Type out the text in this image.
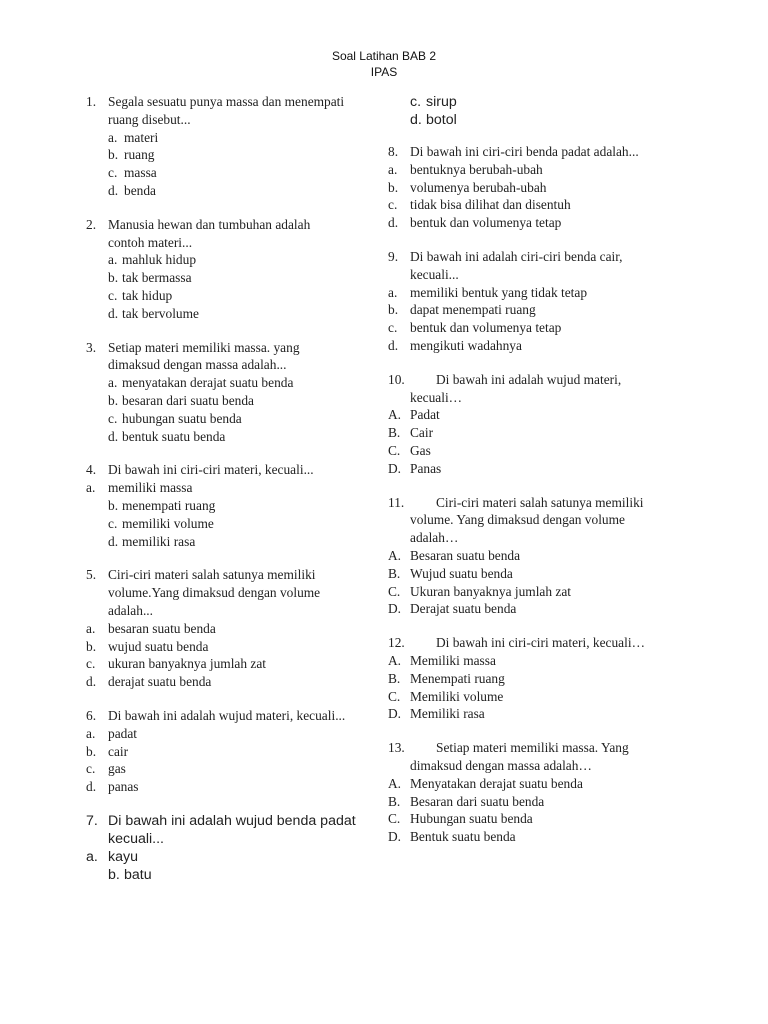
Soal Latihan BAB 2
IPAS
1. Segala sesuatu punya massa dan menempati
ruang disebut...
a. materi
b. ruang
c. massa
d. benda
2. Manusia hewan dan tumbuhan adalah
contoh materi...
a. mahluk hidup
b. tak bermassa
c. tak hidup
d. tak bervolume
3. Setiap materi memiliki massa. yang
dimaksud dengan massa adalah...
a. menyatakan derajat suatu benda
b. besaran dari suatu benda
c. hubungan suatu benda
d. bentuk suatu benda
4. Di bawah ini ciri-ciri materi, kecuali...
a. memiliki massa
b. menempati ruang
c. memiliki volume
d. memiliki rasa
5. Ciri-ciri materi salah satunya memiliki
volume.Yang dimaksud dengan volume
adalah...
a. besaran suatu benda
b. wujud suatu benda
c. ukuran banyaknya jumlah zat
d. derajat suatu benda
6. Di bawah ini adalah wujud materi, kecuali...
a. padat
b. cair
c. gas
d. panas
7. Di bawah ini adalah wujud benda padat
kecuali...
a. kayu
b. batu
c. sirup
d. botol
8. Di bawah ini ciri-ciri benda padat adalah...
a. bentuknya berubah-ubah
b. volumenya berubah-ubah
c. tidak bisa dilihat dan disentuh
d. bentuk dan volumenya tetap
9. Di bawah ini adalah ciri-ciri benda cair,
kecuali...
a. memiliki bentuk yang tidak tetap
b. dapat menempati ruang
c. bentuk dan volumenya tetap
d. mengikuti wadahnya
10. Di bawah ini adalah wujud materi,
kecuali…
A. Padat
B. Cair
C. Gas
D. Panas
11. Ciri-ciri materi salah satunya memiliki
volume. Yang dimaksud dengan volume
adalah…
A. Besaran suatu benda
B. Wujud suatu benda
C. Ukuran banyaknya jumlah zat
D. Derajat suatu benda
12. Di bawah ini ciri-ciri materi, kecuali…
A. Memiliki massa
B. Menempati ruang
C. Memiliki volume
D. Memiliki rasa
13. Setiap materi memiliki massa. Yang
dimaksud dengan massa adalah…
A. Menyatakan derajat suatu benda
B. Besaran dari suatu benda
C. Hubungan suatu benda
D. Bentuk suatu benda
